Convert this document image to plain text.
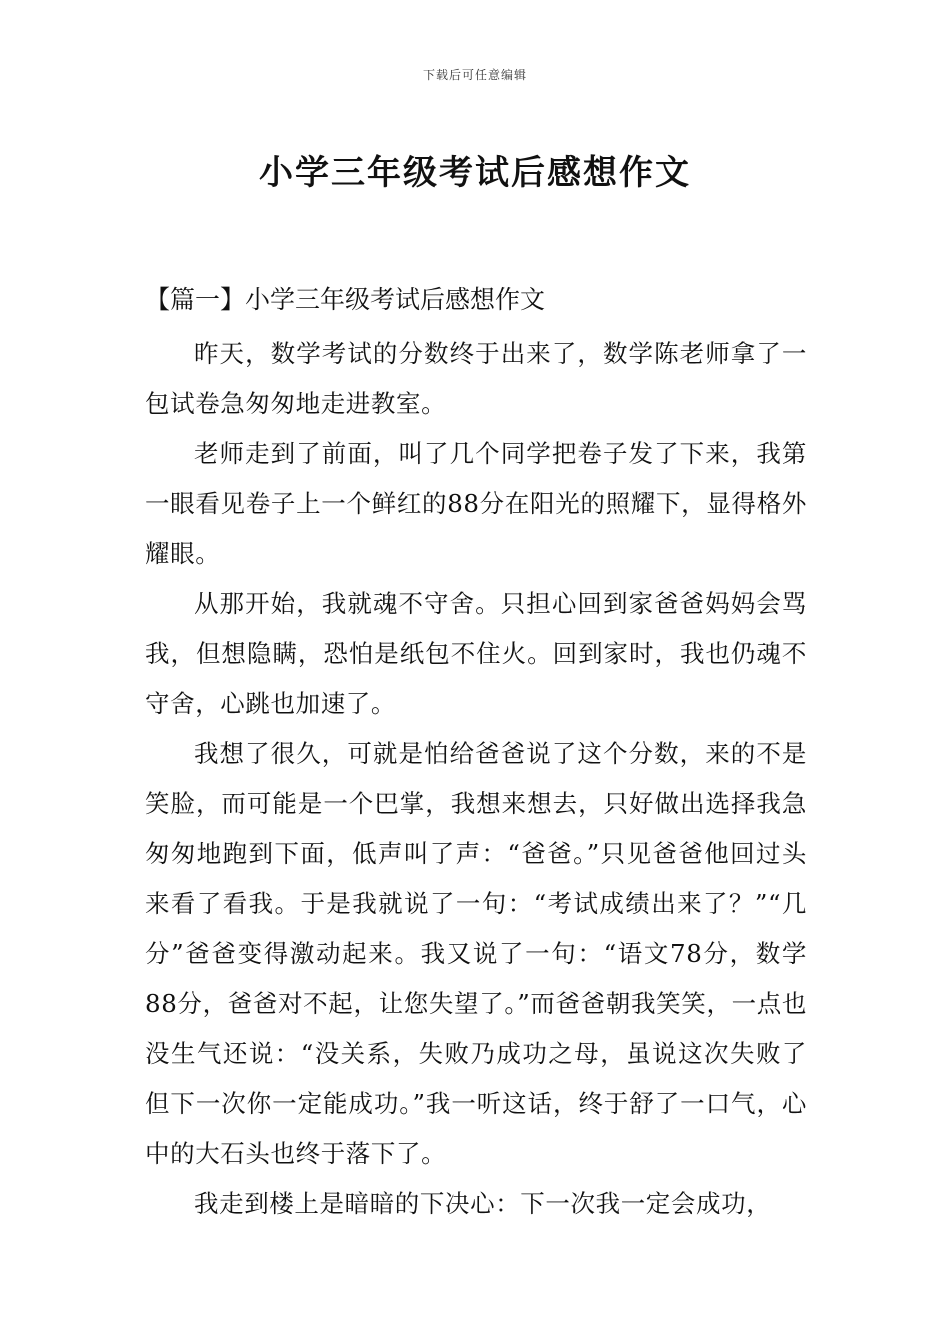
下载后可任意编辑
小学三年级考试后感想作文
【篇一】小学三年级考试后感想作文

昨天，数学考试的分数终于出来了，数学陈老师拿了一包试卷急匆匆地走进教室。

老师走到了前面，叫了几个同学把卷子发了下来，我第一眼看见卷子上一个鲜红的88分在阳光的照耀下，显得格外耀眼。

从那开始，我就魂不守舍。只担心回到家爸爸妈妈会骂我，但想隐瞒，恐怕是纸包不住火。回到家时，我也仍魂不守舍，心跳也加速了。

我想了很久，可就是怕给爸爸说了这个分数，来的不是笑脸，而可能是一个巴掌，我想来想去，只好做出选择我急匆匆地跑到下面，低声叫了声：“爸爸。”只见爸爸他回过头来看了看我。于是我就说了一句：“考试成绩出来了？”“几分”爸爸变得激动起来。我又说了一句：“语文78分，数学88分，爸爸对不起，让您失望了。”而爸爸朝我笑笑，一点也没生气还说：“没关系，失败乃成功之母，虽说这次失败了但下一次你一定能成功。”我一听这话，终于舒了一口气，心中的大石头也终于落下了。

我走到楼上是暗暗的下决心：下一次我一定会成功，
